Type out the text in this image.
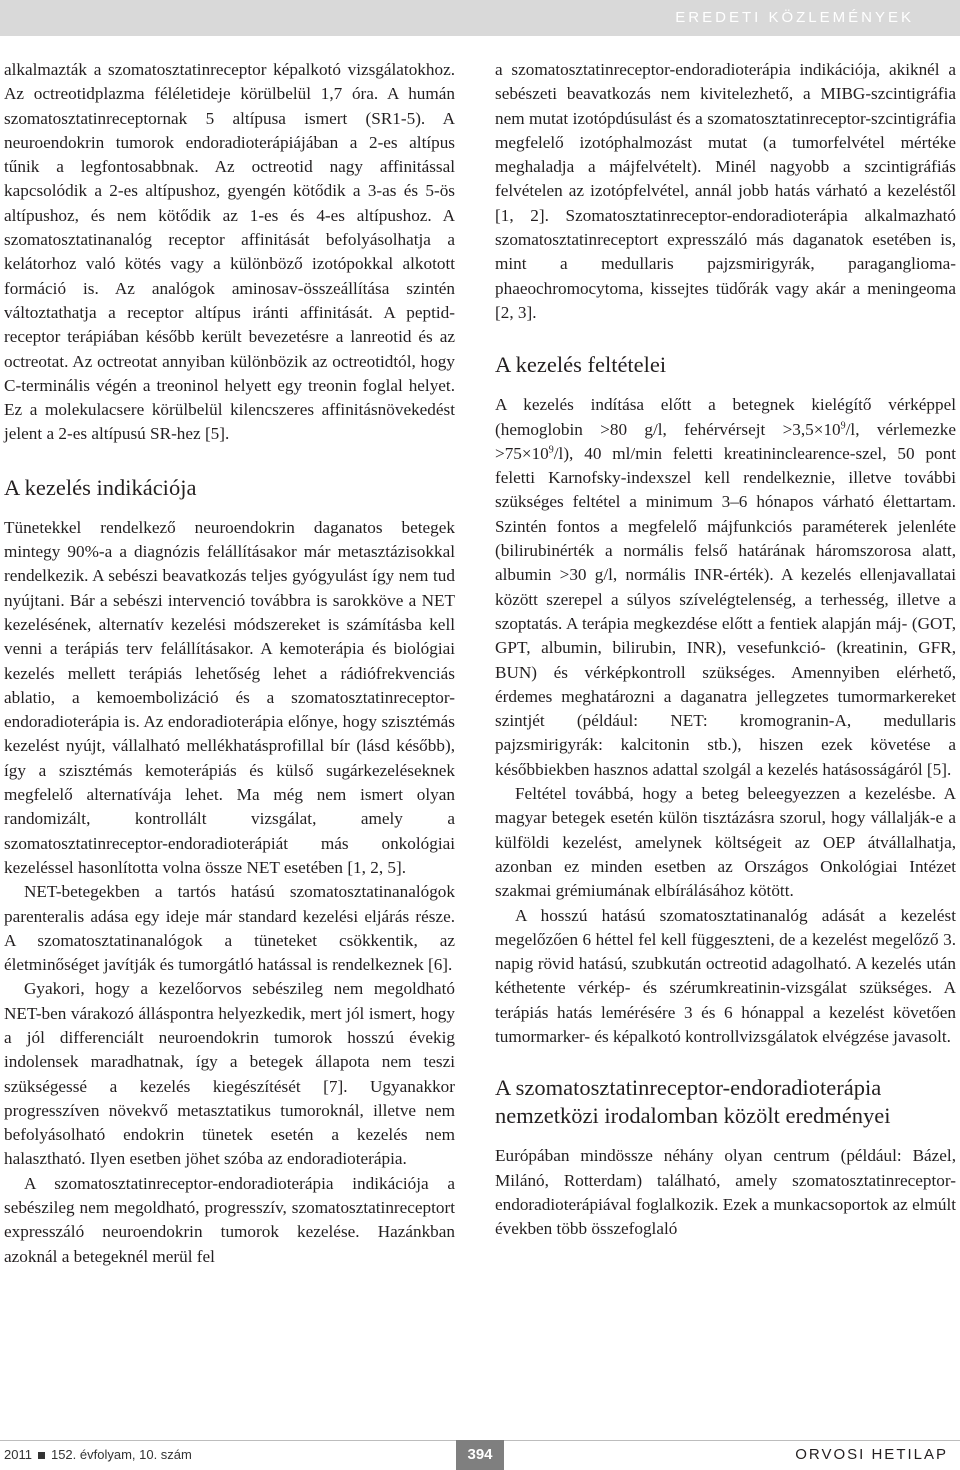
EREDETI KÖZLEMÉNYEK

alkalmazták a szomatosztatinreceptor képalkotó vizsgálatokhoz. Az octreotidplazma féléletideje körülbelül 1,7 óra. A humán szomatosztatinreceptornak 5 altípusa ismert (SR1-5). A neuroendokrin tumorok endoradioterápiájában a 2-es altípus tűnik a legfontosabbnak. Az octreotid nagy affinitással kapcsolódik a 2-es altípushoz, gyengén kötődik a 3-as és 5-ös altípushoz, és nem kötődik az 1-es és 4-es altípushoz. A szomatosztatinanalóg receptor affinitását befolyásolhatja a kelátorhoz való kötés vagy a különböző izotópokkal alkotott formáció is. Az analógok aminosav-összeállítása szintén változtathatja a receptor altípus iránti affinitását. A peptid-receptor terápiában később került bevezetésre a lanreotid és az octreotat. Az octreotat annyiban különbözik az octreotidtól, hogy C-terminális végén a treoninol helyett egy treonin foglal helyet. Ez a molekulacsere körülbelül kilencszeres affinitásnövekedést jelent a 2-es altípusú SR-hez [5].

A kezelés indikációja

Tünetekkel rendelkező neuroendokrin daganatos betegek mintegy 90%-a a diagnózis felállításakor már metasztázisokkal rendelkezik. A sebészi beavatkozás teljes gyógyulást így nem tud nyújtani. Bár a sebészi intervenció továbbra is sarokköve a NET kezelésének, alternatív kezelési módszereket is számításba kell venni a terápiás terv felállításakor. A kemoterápia és biológiai kezelés mellett terápiás lehetőség lehet a rádiófrekvenciás ablatio, a kemoembolizáció és a szomatosztatinreceptor-endoradioterápia is. Az endoradioterápia előnye, hogy szisztémás kezelést nyújt, vállalható mellékhatásprofillal bír (lásd később), így a szisztémás kemoterápiás és külső sugárkezeléseknek megfelelő alternatívája lehet. Ma még nem ismert olyan randomizált, kontrollált vizsgálat, amely a szomatosztatinreceptor-endoradioterápiát más onkológiai kezeléssel hasonlította volna össze NET esetében [1, 2, 5].

NET-betegekben a tartós hatású szomatosztatinanalógok parenteralis adása egy ideje már standard kezelési eljárás része. A szomatosztatinanalógok a tüneteket csökkentik, az életminőséget javítják és tumorgátló hatással is rendelkeznek [6].

Gyakori, hogy a kezelőorvos sebészileg nem megoldható NET-ben várakozó álláspontra helyezkedik, mert jól ismert, hogy a jól differenciált neuroendokrin tumorok hosszú évekig indolensek maradhatnak, így a betegek állapota nem teszi szükségessé a kezelés kiegészítését [7]. Ugyanakkor progresszíven növekvő metasztatikus tumoroknál, illetve nem befolyásolható endokrin tünetek esetén a kezelés nem halasztható. Ilyen esetben jöhet szóba az endoradioterápia.

A szomatosztatinreceptor-endoradioterápia indikációja a sebészileg nem megoldható, progresszív, szomatosztatinreceptort expresszáló neuroendokrin tumorok kezelése. Hazánkban azoknál a betegeknél merül fel

a szomatosztatinreceptor-endoradioterápia indikációja, akiknél a sebészeti beavatkozás nem kivitelezhető, a MIBG-szcintigráfia nem mutat izotópdúsulást és a szomatosztatinreceptor-szcintigráfia megfelelő izotóphalmozást mutat (a tumorfelvétel mértéke meghaladja a májfelvételt). Minél nagyobb a szcintigráfiás felvételen az izotópfelvétel, annál jobb hatás várható a kezeléstől [1, 2]. Szomatosztatinreceptor-endoradioterápia alkalmazható szomatosztatinreceptort expresszáló más daganatok esetében is, mint a medullaris pajzsmirigyrák, paraganglioma-phaeochromocytoma, kissejtes tüdőrák vagy akár a meningeoma [2, 3].

A kezelés feltételei

A kezelés indítása előtt a betegnek kielégítő vérképpel (hemoglobin >80 g/l, fehérvérsejt $>3,5\times 10^9/l$, vérlemezke $>75\times 10^9/l$), 40 ml/min feletti kreatininclearence-szel, 50 pont feletti Karnofsky-indexszel kell rendelkeznie, illetve további szükséges feltétel a minimum 3–6 hónapos várható élettartam. Szintén fontos a megfelelő májfunkciós paraméterek jelenléte (bilirubinérték a normális felső határának háromszorosa alatt, albumin >30 g/l, normális INR-érték). A kezelés ellenjavallatai között szerepel a súlyos szívelégtelenség, a terhesség, illetve a szoptatás. A terápia megkezdése előtt a fentiek alapján máj- (GOT, GPT, albumin, bilirubin, INR), vesefunkció- (kreatinin, GFR, BUN) és vérképkontroll szükséges. Amennyiben elérhető, érdemes meghatározni a daganatra jellegzetes tumormarkereket szintjét (például: NET: kromogranin-A, medullaris pajzsmirigyrák: kalcitonin stb.), hiszen ezek követése a későbbiekben hasznos adattal szolgál a kezelés hatásosságáról [5].

Feltétel továbbá, hogy a beteg beleegyezzen a kezelésbe. A magyar betegek esetén külön tisztázásra szorul, hogy vállalják-e a külföldi kezelést, amelynek költségeit az OEP átvállalhatja, azonban ez minden esetben az Országos Onkológiai Intézet szakmai grémiumának elbírálásához kötött.

A hosszú hatású szomatosztatinanalóg adását a kezelést megelőzően 6 héttel fel kell függeszteni, de a kezelést megelőző 3. napig rövid hatású, szubkután octreotid adagolható. A kezelés után kéthetente vérkép- és szérumkreatinin-vizsgálat szükséges. A terápiás hatás lemérésére 3 és 6 hónappal a kezelést követően tumormarker- és képalkotó kontrollvizsgálatok elvégzése javasolt.

A szomatosztatinreceptor-endoradioterápia nemzetközi irodalomban közölt eredményei

Európában mindössze néhány olyan centrum (például: Bázel, Milánó, Rotterdam) található, amely szomatosztatinreceptor-endoradioterápiával foglalkozik. Ezek a munkacsoportok az elmúlt években több összefoglaló

2011 152. évfolyam, 10. szám	394	ORVOSI HETILAP
